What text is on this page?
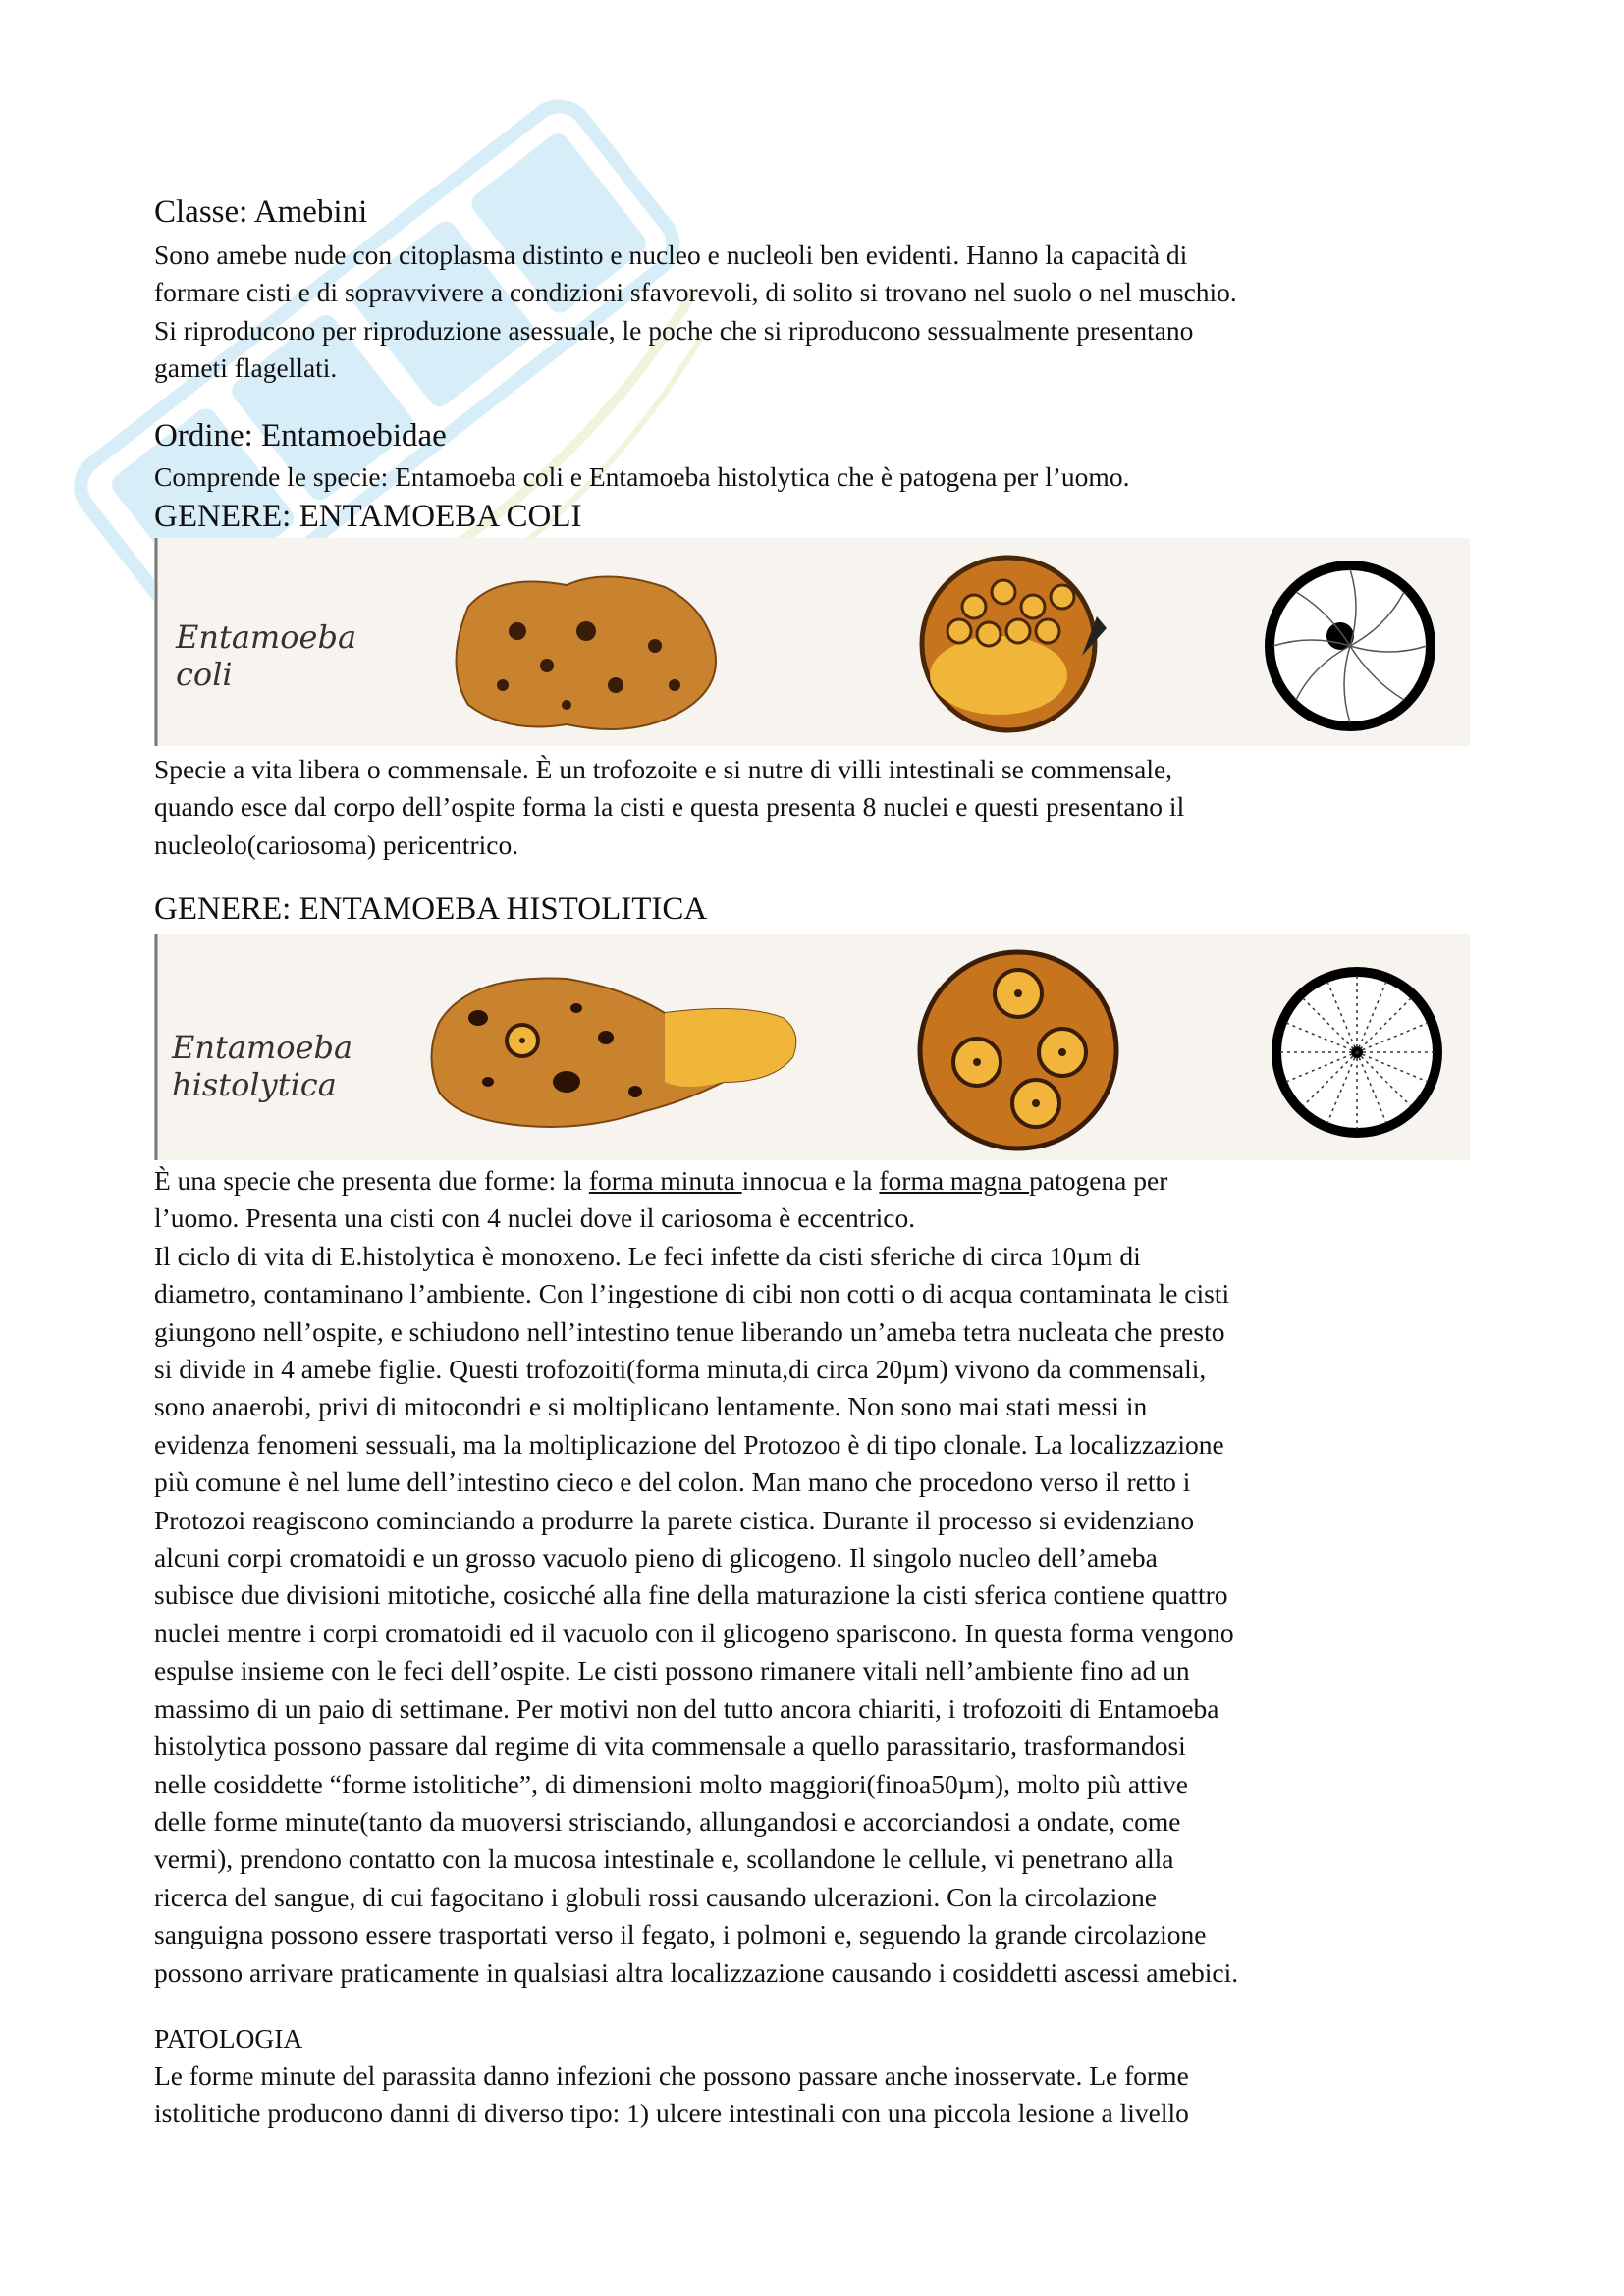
Classe: Amebini
Sono amebe nude con citoplasma distinto e nucleo e nucleoli ben evidenti. Hanno la capacità di
formare cisti e di sopravvivere a condizioni sfavorevoli, di solito si trovano nel suolo o nel muschio.
Si riproducono per riproduzione asessuale, le poche che si riproducono sessualmente presentano
gameti flagellati.
Ordine: Entamoebidae
Comprende le specie: Entamoeba coli e Entamoeba histolytica che è patogena per l’uomo.
GENERE: ENTAMOEBA COLI
Entamoeba
coli
Specie a vita libera o commensale. È un trofozoite e si nutre di villi intestinali se commensale,
quando esce dal corpo dell’ospite forma la cisti e questa presenta 8 nuclei e questi presentano il
nucleolo(cariosoma) pericentrico.
GENERE: ENTAMOEBA HISTOLITICA
Entamoeba
histolytica
È una specie che presenta due forme: la forma minuta innocua e la forma magna patogena per
l’uomo. Presenta una cisti con 4 nuclei dove il cariosoma è eccentrico.
Il ciclo di vita di E.histolytica è monoxeno. Le feci infette da cisti sferiche di circa 10µm di
diametro, contaminano l’ambiente. Con l’ingestione di cibi non cotti o di acqua contaminata le cisti
giungono nell’ospite, e schiudono nell’intestino tenue liberando un’ameba tetra nucleata che presto
si divide in 4 amebe figlie. Questi trofozoiti(forma minuta,di circa 20µm) vivono da commensali,
sono anaerobi, privi di mitocondri e si moltiplicano lentamente. Non sono mai stati messi in
evidenza fenomeni sessuali, ma la moltiplicazione del Protozoo è di tipo clonale. La localizzazione
più comune è nel lume dell’intestino cieco e del colon. Man mano che procedono verso il retto i
Protozoi reagiscono cominciando a produrre la parete cistica. Durante il processo si evidenziano
alcuni corpi cromatoidi e un grosso vacuolo pieno di glicogeno. Il singolo nucleo dell’ameba
subisce due divisioni mitotiche, cosicché alla fine della maturazione la cisti sferica contiene quattro
nuclei mentre i corpi cromatoidi ed il vacuolo con il glicogeno spariscono. In questa forma vengono
espulse insieme con le feci dell’ospite. Le cisti possono rimanere vitali nell’ambiente fino ad un
massimo di un paio di settimane. Per motivi non del tutto ancora chiariti, i trofozoiti di Entamoeba
histolytica possono passare dal regime di vita commensale a quello parassitario, trasformandosi
nelle cosiddette “forme istolitiche”, di dimensioni molto maggiori(finoa50µm), molto più attive
delle forme minute(tanto da muoversi strisciando, allungandosi e accorciandosi a ondate, come
vermi), prendono contatto con la mucosa intestinale e, scollandone le cellule, vi penetrano alla
ricerca del sangue, di cui fagocitano i globuli rossi causando ulcerazioni. Con la circolazione
sanguigna possono essere trasportati verso il fegato, i polmoni e, seguendo la grande circolazione
possono arrivare praticamente in qualsiasi altra localizzazione causando i cosiddetti ascessi amebici.
PATOLOGIA
Le forme minute del parassita danno infezioni che possono passare anche inosservate. Le forme
istolitiche producono danni di diverso tipo: 1) ulcere intestinali con una piccola lesione a livello
